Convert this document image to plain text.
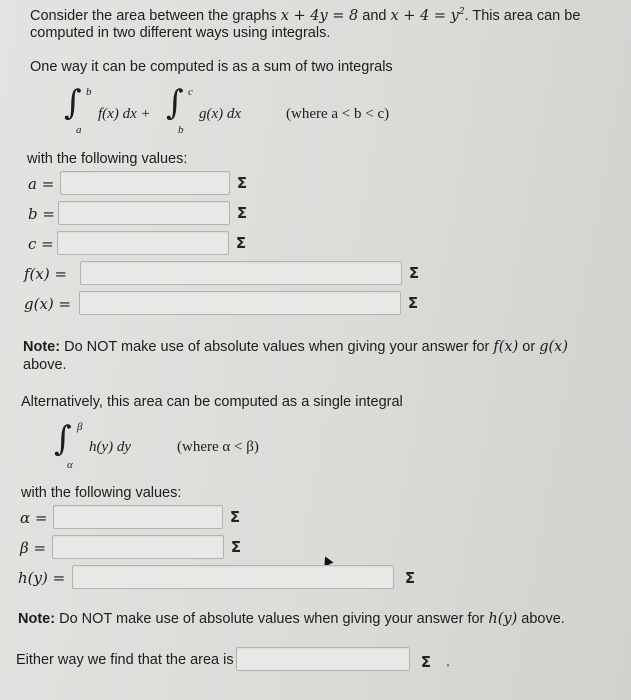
Consider the area between the graphs x + 4y = 8 and $x + 4 = y^2$. This area can be
computed in two different ways using integrals.
One way it can be computed is as a sum of two integrals
∫ b
a
f(x) dx + ∫ c
b
g(x) dx	(where a < b < c)
with the following values:
a =	Σ
b =	Σ
c =	Σ
f(x) =	Σ
g(x) =	Σ
Note: Do NOT make use of absolute values when giving your answer for f(x) or g(x)
above.
Alternatively, this area can be computed as a single integral
∫ β
α
h(y) dy	(where α < β)
with the following values:
α =	Σ
β =	Σ
h(y) =	Σ
Note: Do NOT make use of absolute values when giving your answer for h(y) above.
Either way we find that the area is	Σ	.
